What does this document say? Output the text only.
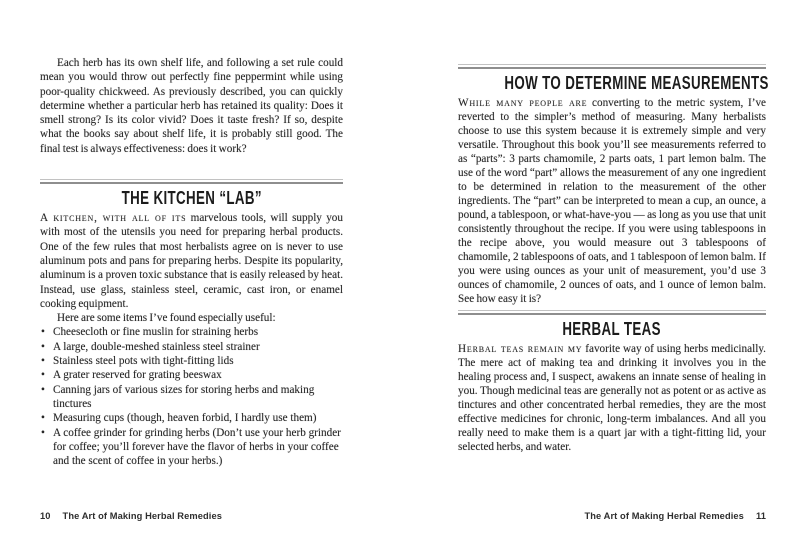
Each herb has its own shelf life, and following a set rule could mean you would throw out perfectly fine peppermint while using poor-quality chickweed. As previously described, you can quickly determine whether a particular herb has retained its quality: Does it smell strong? Is its color vivid? Does it taste fresh? If so, despite what the books say about shelf life, it is probably still good. The final test is always effectiveness: does it work?

THE KITCHEN “LAB”

A kitchen, with all of its marvelous tools, will supply you with most of the utensils you need for preparing herbal products. One of the few rules that most herbalists agree on is never to use aluminum pots and pans for preparing herbs. Despite its popularity, aluminum is a proven toxic substance that is easily released by heat. Instead, use glass, stainless steel, ceramic, cast iron, or enamel cooking equipment.

Here are some items I’ve found especially useful:

• Cheesecloth or fine muslin for straining herbs
• A large, double-meshed stainless steel strainer
• Stainless steel pots with tight-fitting lids
• A grater reserved for grating beeswax
• Canning jars of various sizes for storing herbs and making tinctures
• Measuring cups (though, heaven forbid, I hardly use them)
• A coffee grinder for grinding herbs (Don’t use your herb grinder for coffee; you’ll forever have the flavor of herbs in your coffee and the scent of coffee in your herbs.)
10 The Art of Making Herbal Remedies
HOW TO DETERMINE MEASUREMENTS

While many people are converting to the metric system, I’ve reverted to the simpler’s method of measuring. Many herbalists choose to use this system because it is extremely simple and very versatile. Throughout this book you’ll see measurements referred to as “parts”: 3 parts chamomile, 2 parts oats, 1 part lemon balm. The use of the word “part” allows the measurement of any one ingredient to be determined in relation to the measurement of the other ingredients. The “part” can be interpreted to mean a cup, an ounce, a pound, a tablespoon, or what-have-you — as long as you use that unit consistently throughout the recipe. If you were using tablespoons in the recipe above, you would measure out 3 tablespoons of chamomile, 2 tablespoons of oats, and 1 tablespoon of lemon balm. If you were using ounces as your unit of measurement, you’d use 3 ounces of chamomile, 2 ounces of oats, and 1 ounce of lemon balm. See how easy it is?

HERBAL TEAS

Herbal teas remain my favorite way of using herbs medicinally. The mere act of making tea and drinking it involves you in the healing process and, I suspect, awakens an innate sense of healing in you. Though medicinal teas are generally not as potent or as active as tinctures and other concentrated herbal remedies, they are the most effective medicines for chronic, long-term imbalances. And all you really need to make them is a quart jar with a tight-fitting lid, your selected herbs, and water.

The Art of Making Herbal Remedies 11
